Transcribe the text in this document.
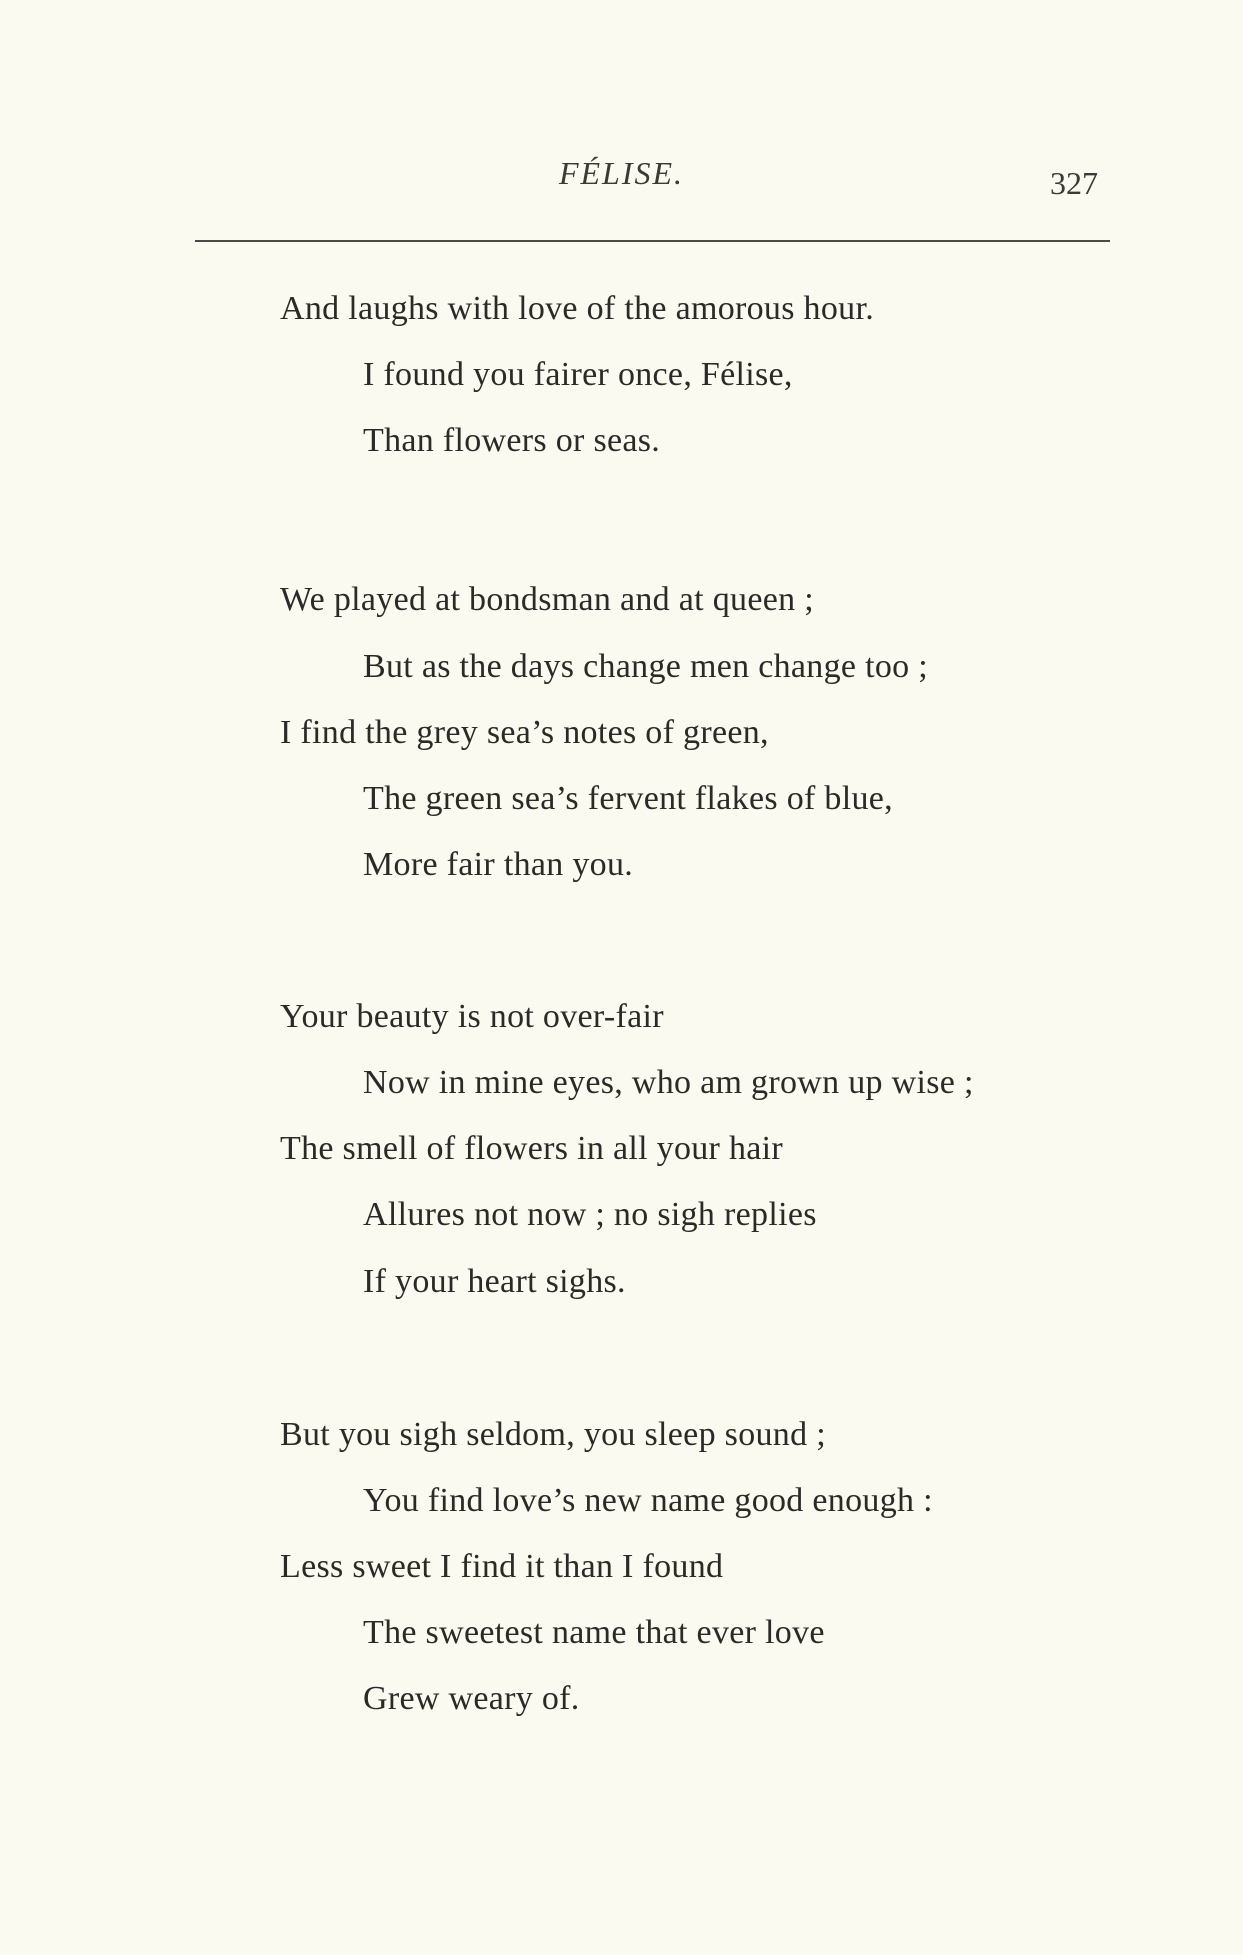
FÉLISE.	327
And laughs with love of the amorous hour.
I found you fairer once, Félise,
Than flowers or seas.
We played at bondsman and at queen ;
But as the days change men change too ;
I find the grey sea’s notes of green,
The green sea’s fervent flakes of blue,
More fair than you.
Your beauty is not over-fair
Now in mine eyes, who am grown up wise ;
The smell of flowers in all your hair
Allures not now ; no sigh replies
If your heart sighs.
But you sigh seldom, you sleep sound ;
You find love’s new name good enough :
Less sweet I find it than I found
The sweetest name that ever love
Grew weary of.
